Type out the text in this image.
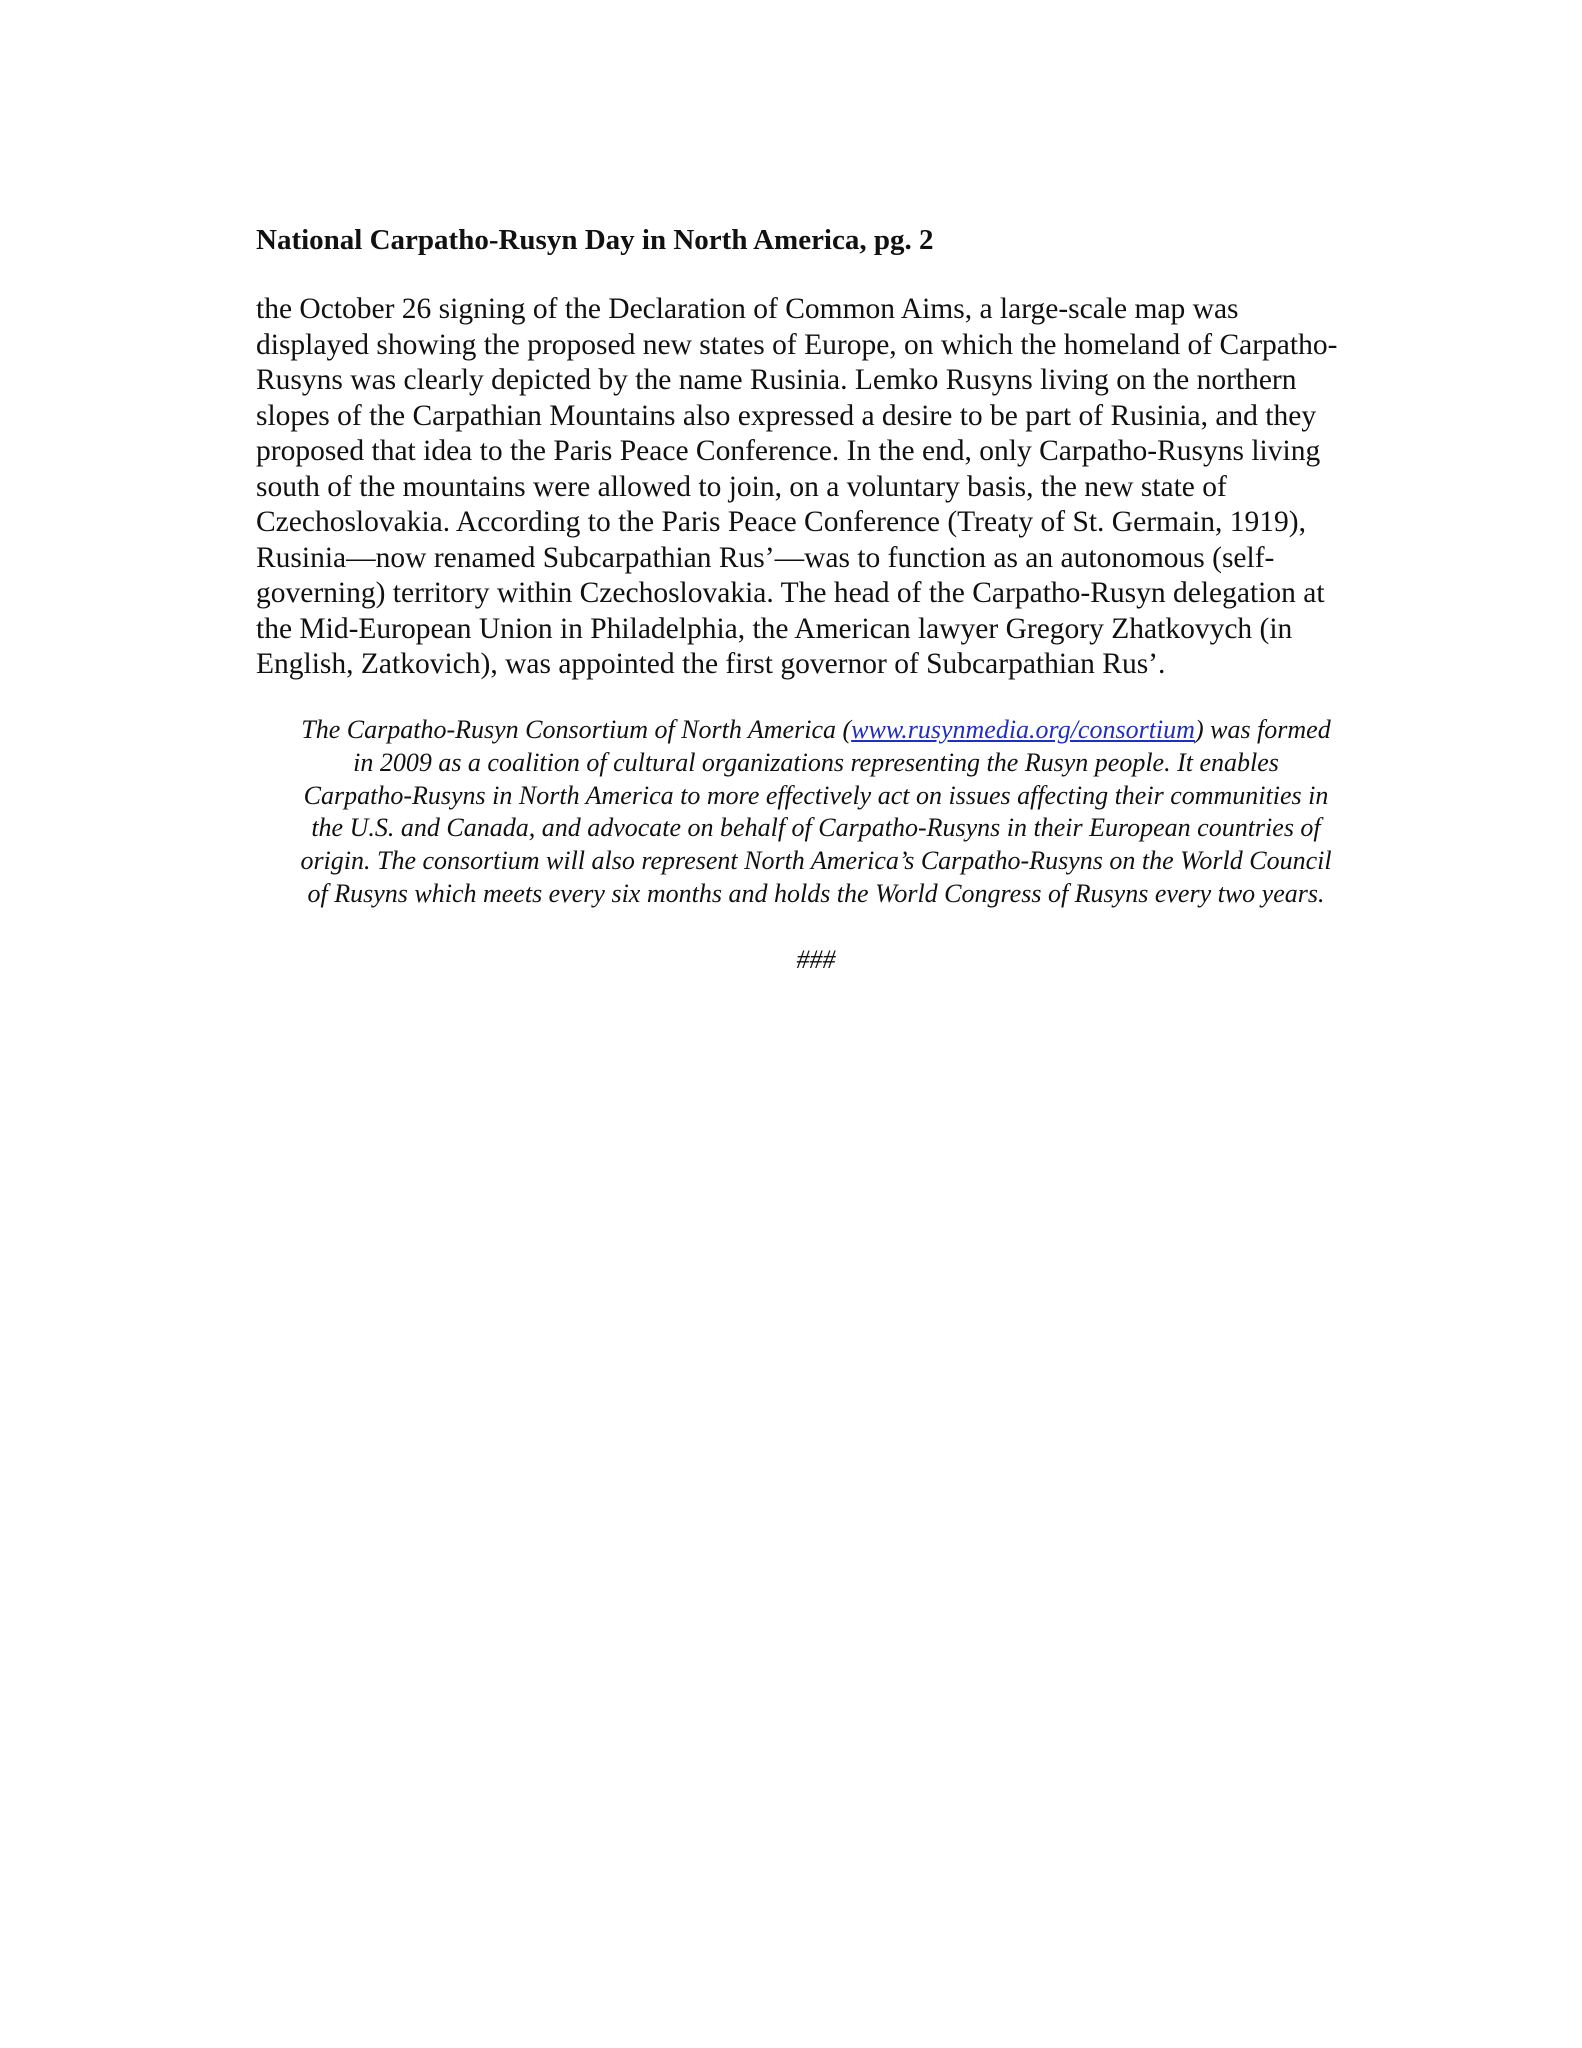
National Carpatho-Rusyn Day in North America, pg. 2
the October 26 signing of the Declaration of Common Aims, a large-scale map was
displayed showing the proposed new states of Europe, on which the homeland of Carpatho-
Rusyns was clearly depicted by the name Rusinia. Lemko Rusyns living on the northern
slopes of the Carpathian Mountains also expressed a desire to be part of Rusinia, and they
proposed that idea to the Paris Peace Conference. In the end, only Carpatho-Rusyns living
south of the mountains were allowed to join, on a voluntary basis, the new state of
Czechoslovakia. According to the Paris Peace Conference (Treaty of St. Germain, 1919),
Rusinia—now renamed Subcarpathian Rus’—was to function as an autonomous (self-
governing) territory within Czechoslovakia. The head of the Carpatho-Rusyn delegation at
the Mid-European Union in Philadelphia, the American lawyer Gregory Zhatkovych (in
English, Zatkovich), was appointed the first governor of Subcarpathian Rus’.
The Carpatho-Rusyn Consortium of North America (www.rusynmedia.org/consortium) was formed
in 2009 as a coalition of cultural organizations representing the Rusyn people. It enables
Carpatho-Rusyns in North America to more effectively act on issues affecting their communities in
the U.S. and Canada, and advocate on behalf of Carpatho-Rusyns in their European countries of
origin. The consortium will also represent North America’s Carpatho-Rusyns on the World Council
of Rusyns which meets every six months and holds the World Congress of Rusyns every two years.
###
